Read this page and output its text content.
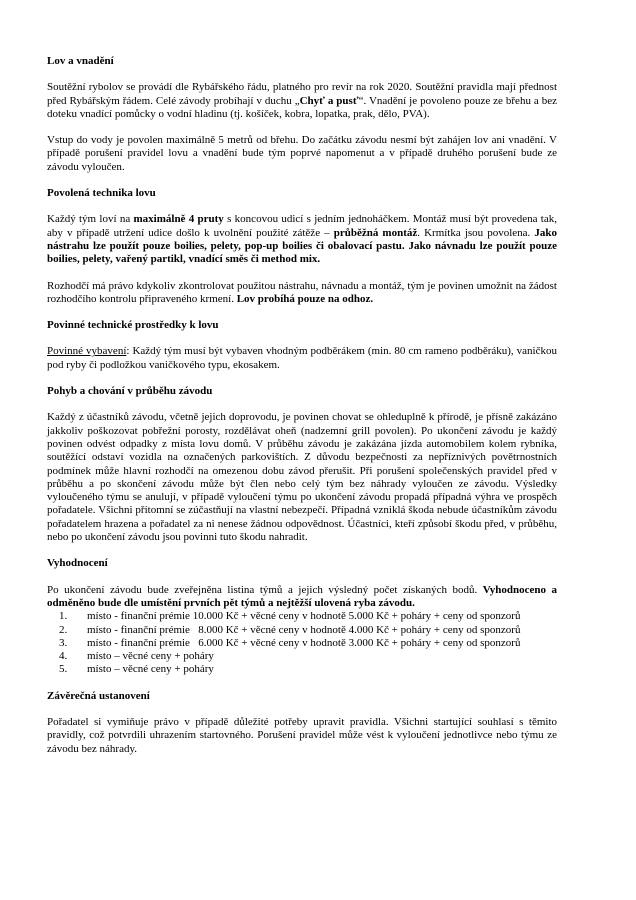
Lov a vnadění

Soutěžní rybolov se provádí dle Rybářského řádu, platného pro revír na rok 2020. Soutěžní pravidla mají přednost před Rybářským řádem. Celé závody probíhají v duchu „Chyť a pusť“. Vnadění je povoleno pouze ze břehu a bez doteku vnadící pomůcky o vodní hladinu (tj. košíček, kobra, lopatka, prak, dělo, PVA).

Vstup do vody je povolen maximálně 5 metrů od břehu. Do začátku závodu nesmí být zahájen lov ani vnadění. V případě porušení pravidel lovu a vnadění bude tým poprvé napomenut a v případě druhého porušení bude ze závodu vyloučen.

Povolená technika lovu

Každý tým loví na maximálně 4 pruty s koncovou udicí s jedním jednoháčkem. Montáž musí být provedena tak, aby v případě utržení udice došlo k uvolnění použité zátěže – průběžná montáž. Krmítka jsou povolena. Jako nástrahu lze použít pouze boilies, pelety, pop-up boilies či obalovací pastu. Jako návnadu lze použít pouze boilies, pelety, vařený partikl, vnadící směs či method mix.

Rozhodčí má právo kdykoliv zkontrolovat použitou nástrahu, návnadu a montáž, tým je povinen umožnit na žádost rozhodčího kontrolu připraveného krmení. Lov probíhá pouze na odhoz.

Povinné technické prostředky k lovu

Povinné vybavení: Každý tým musí být vybaven vhodným podběrákem (min. 80 cm rameno podběráku), vaničkou pod ryby či podložkou vaničkového typu, ekosakem.

Pohyb a chování v průběhu závodu

Každý z účastníků závodu, včetně jejich doprovodu, je povinen chovat se ohleduplně k přírodě, je přísně zakázáno jakkoliv poškozovat pobřežní porosty, rozdělávat oheň (nadzemní grill povolen). Po ukončení závodu je každý povinen odvést odpadky z místa lovu domů. V průběhu závodu je zakázána jízda automobilem kolem rybníka, soutěžící odstaví vozidla na označených parkovištích. Z důvodu bezpečnosti za nepříznivých povětrnostních podmínek může hlavní rozhodčí na omezenou dobu závod přerušit. Při porušení společenských pravidel před v průběhu a po skončení závodu může být člen nebo celý tým bez náhrady vyloučen ze závodu. Výsledky vyloučeného týmu se anulují, v případě vyloučení týmu po ukončení závodu propadá případná výhra ve prospěch pořadatele. Všichni přítomní se zúčastňují na vlastní nebezpečí. Případná vzniklá škoda nebude účastníkům závodu pořadatelem hrazena a pořadatel za ni nenese žádnou odpovědnost. Účastníci, kteří způsobí škodu před, v průběhu, nebo po ukončení závodu jsou povinni tuto škodu nahradit.

Vyhodnocení

Po ukončení závodu bude zveřejněna listina týmů a jejich výsledný počet získaných bodů. Vyhodnoceno a odměněno bude dle umístění prvních pět týmů a nejtěžší ulovená ryba závodu.

1.	místo - finanční prémie 10.000 Kč + věcné ceny v hodnotě 5.000 Kč + poháry + ceny od sponzorů
2.	místo - finanční prémie   8.000 Kč + věcné ceny v hodnotě 4.000 Kč + poháry + ceny od sponzorů
3.	místo - finanční prémie   6.000 Kč + věcné ceny v hodnotě 3.000 Kč + poháry + ceny od sponzorů
4.	místo – věcné ceny + poháry
5.	místo – věcné ceny + poháry
Závěrečná ustanovení

Pořadatel si vymiňuje právo v případě důležité potřeby upravit pravidla. Všichni startující souhlasí s těmito pravidly, což potvrdili uhrazením startovného. Porušení pravidel může vést k vyloučení jednotlivce nebo týmu ze závodu bez náhrady.
